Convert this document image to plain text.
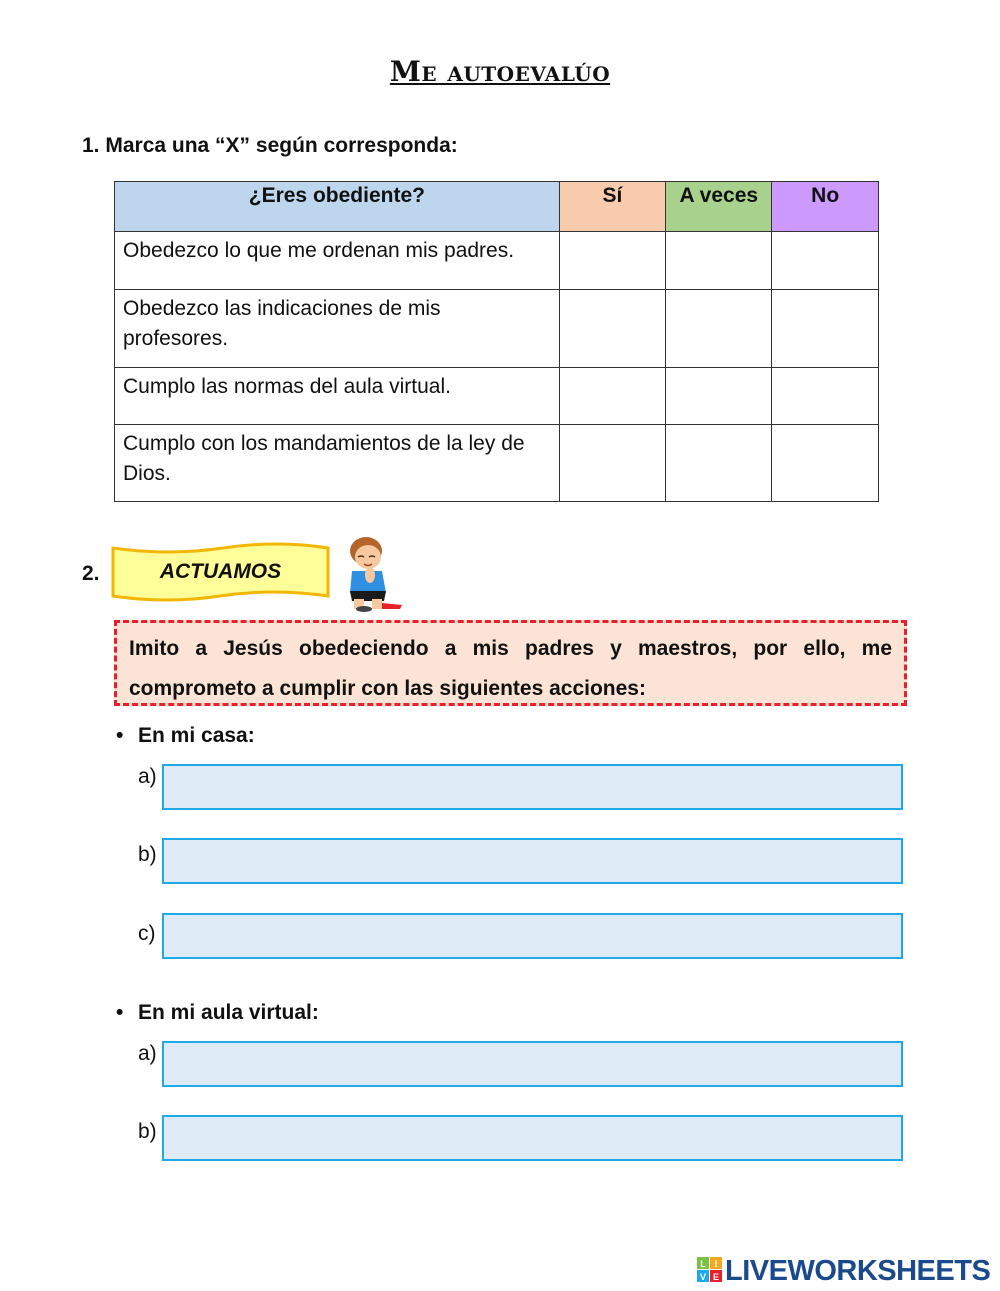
Me autoevalúo
1. Marca una “X” según corresponda:
¿Eres obediente?	Sí	A veces	No
Obedezco lo que me ordenan mis padres.			
Obedezco las indicaciones de mis profesores.			
Cumplo las normas del aula virtual.			
Cumplo con los mandamientos de la ley de Dios.			
2.	ACTUAMOS
Imito a Jesús obedeciendo a mis padres y maestros, por ello, me comprometo a cumplir con las siguientes acciones:
• En mi casa:
a)
b)
c)
• En mi aula virtual:
a)
b)
L I
V E LIVEWORKSHEETS
